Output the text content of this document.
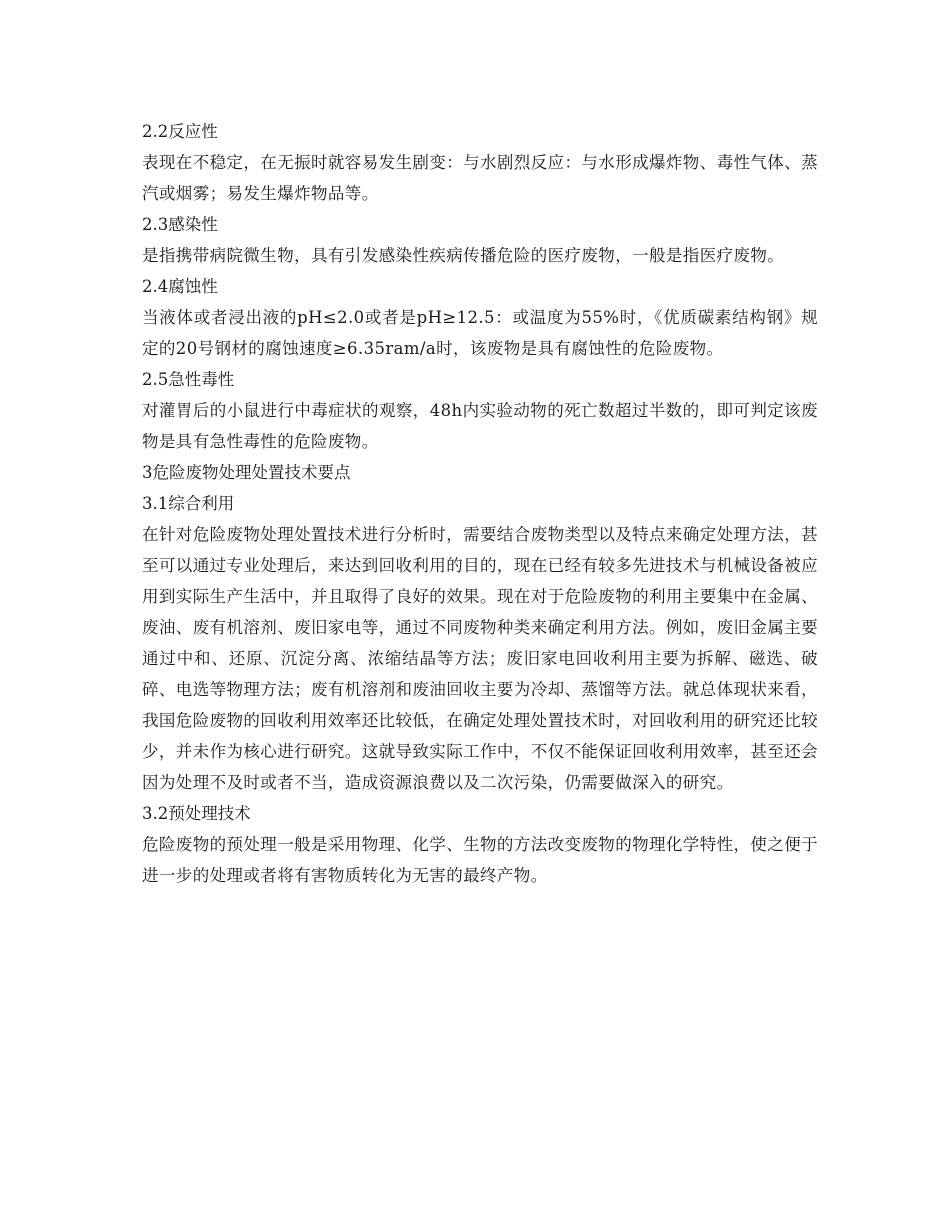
2.2反应性
表现在不稳定，在无振时就容易发生剧变：与水剧烈反应：与水形成爆炸物、毒性气体、蒸汽或烟雾；易发生爆炸物品等。
2.3感染性
是指携带病院微生物，具有引发感染性疾病传播危险的医疗废物，一般是指医疗废物。
2.4腐蚀性
当液体或者浸出液的pH≤2.0或者是pH≥12.5：或温度为55%时，《优质碳素结构钢》规定的20号钢材的腐蚀速度≥6.35ram/a时，该废物是具有腐蚀性的危险废物。
2.5急性毒性
对灌胃后的小鼠进行中毒症状的观察，48h内实验动物的死亡数超过半数的，即可判定该废物是具有急性毒性的危险废物。
3危险废物处理处置技术要点
3.1综合利用
在针对危险废物处理处置技术进行分析时，需要结合废物类型以及特点来确定处理方法，甚至可以通过专业处理后，来达到回收利用的目的，现在已经有较多先进技术与机械设备被应用到实际生产生活中，并且取得了良好的效果。现在对于危险废物的利用主要集中在金属、废油、废有机溶剂、废旧家电等，通过不同废物种类来确定利用方法。例如，废旧金属主要通过中和、还原、沉淀分离、浓缩结晶等方法；废旧家电回收利用主要为拆解、磁选、破碎、电选等物理方法；废有机溶剂和废油回收主要为冷却、蒸馏等方法。就总体现状来看，我国危险废物的回收利用效率还比较低，在确定处理处置技术时，对回收利用的研究还比较少，并未作为核心进行研究。这就导致实际工作中，不仅不能保证回收利用效率，甚至还会因为处理不及时或者不当，造成资源浪费以及二次污染，仍需要做深入的研究。
3.2预处理技术
危险废物的预处理一般是采用物理、化学、生物的方法改变废物的物理化学特性，使之便于进一步的处理或者将有害物质转化为无害的最终产物。
